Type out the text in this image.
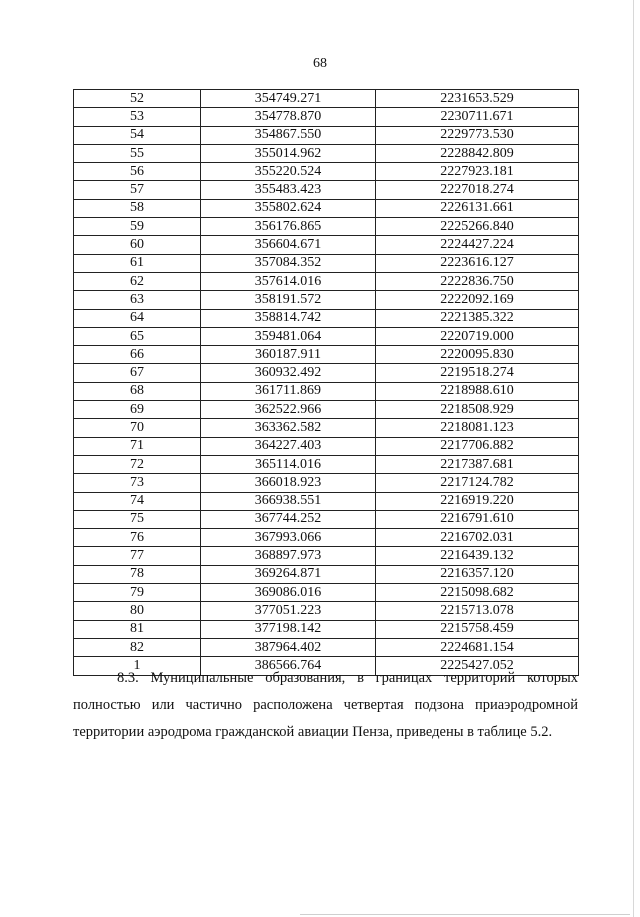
68
52	354749.271	2231653.529
53	354778.870	2230711.671
54	354867.550	2229773.530
55	355014.962	2228842.809
56	355220.524	2227923.181
57	355483.423	2227018.274
58	355802.624	2226131.661
59	356176.865	2225266.840
60	356604.671	2224427.224
61	357084.352	2223616.127
62	357614.016	2222836.750
63	358191.572	2222092.169
64	358814.742	2221385.322
65	359481.064	2220719.000
66	360187.911	2220095.830
67	360932.492	2219518.274
68	361711.869	2218988.610
69	362522.966	2218508.929
70	363362.582	2218081.123
71	364227.403	2217706.882
72	365114.016	2217387.681
73	366018.923	2217124.782
74	366938.551	2216919.220
75	367744.252	2216791.610
76	367993.066	2216702.031
77	368897.973	2216439.132
78	369264.871	2216357.120
79	369086.016	2215098.682
80	377051.223	2215713.078
81	377198.142	2215758.459
82	387964.402	2224681.154
1	386566.764	2225427.052

8.3. Муниципальные образования, в границах территорий которых полностью или частично расположена четвертая подзона приаэродромной территории аэродрома гражданской авиации Пенза, приведены в таблице 5.2.
